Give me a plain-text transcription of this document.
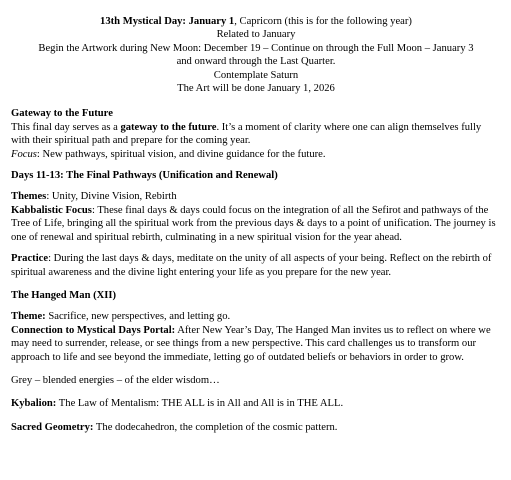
13th Mystical Day: January 1, Capricorn (this is for the following year)
Related to January
Begin the Artwork during New Moon: December 19 – Continue on through the Full Moon – January 3
and onward through the Last Quarter.
Contemplate Saturn
The Art will be done January 1, 2026
Gateway to the Future

This final day serves as a gateway to the future. It’s a moment of clarity where one can align themselves fully with their spiritual path and prepare for the coming year.

Focus: New pathways, spiritual vision, and divine guidance for the future.

Days 11-13: The Final Pathways (Unification and Renewal)

Themes: Unity, Divine Vision, Rebirth

Kabbalistic Focus: These final days & days could focus on the integration of all the Sefirot and pathways of the Tree of Life, bringing all the spiritual work from the previous days & days to a point of unification. The journey is one of renewal and spiritual rebirth, culminating in a new spiritual vision for the year ahead.

Practice: During the last days & days, meditate on the unity of all aspects of your being. Reflect on the rebirth of spiritual awareness and the divine light entering your life as you prepare for the new year.

The Hanged Man (XII)

Theme: Sacrifice, new perspectives, and letting go.

Connection to Mystical Days Portal: After New Year’s Day, The Hanged Man invites us to reflect on where we may need to surrender, release, or see things from a new perspective. This card challenges us to transform our approach to life and see beyond the immediate, letting go of outdated beliefs or behaviors in order to grow.

Grey – blended energies – of the elder wisdom…

Kybalion: The Law of Mentalism: THE ALL is in All and All is in THE ALL.

Sacred Geometry: The dodecahedron, the completion of the cosmic pattern.
